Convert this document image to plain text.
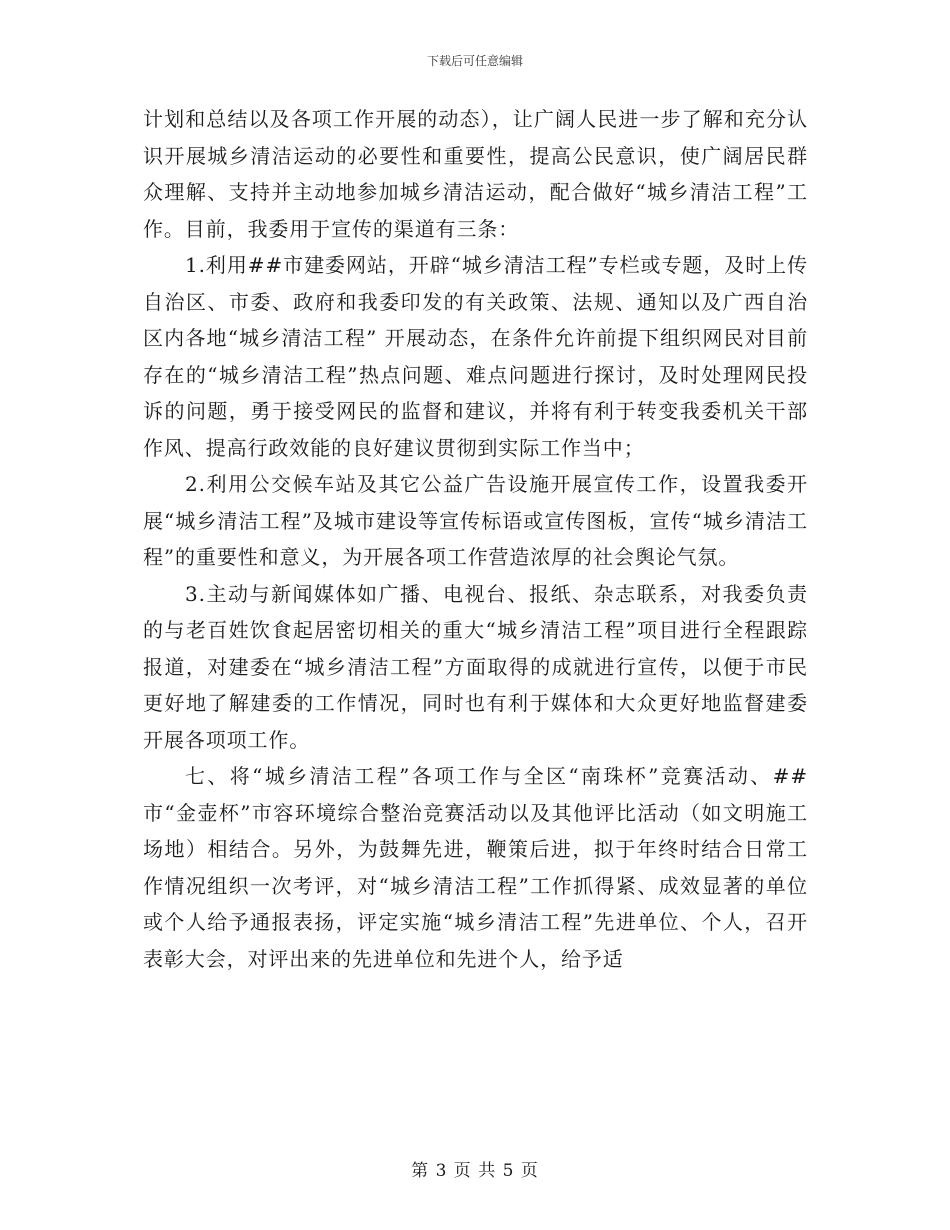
下载后可任意编辑

计划和总结以及各项工作开展的动态），让广阔人民进一步了解和充分认识开展城乡清洁运动的必要性和重要性，提高公民意识，使广阔居民群众理解、支持并主动地参加城乡清洁运动，配合做好“城乡清洁工程”工作。目前，我委用于宣传的渠道有三条：

1.利用##市建委网站，开辟“城乡清洁工程”专栏或专题，及时上传自治区、市委、政府和我委印发的有关政策、法规、通知以及广西自治区内各地“城乡清洁工程” 开展动态，在条件允许前提下组织网民对目前存在的“城乡清洁工程”热点问题、难点问题进行探讨，及时处理网民投诉的问题，勇于接受网民的监督和建议，并将有利于转变我委机关干部作风、提高行政效能的良好建议贯彻到实际工作当中；

2.利用公交候车站及其它公益广告设施开展宣传工作，设置我委开展“城乡清洁工程”及城市建设等宣传标语或宣传图板，宣传“城乡清洁工程”的重要性和意义，为开展各项工作营造浓厚的社会舆论气氛。

3.主动与新闻媒体如广播、电视台、报纸、杂志联系，对我委负责的与老百姓饮食起居密切相关的重大“城乡清洁工程”项目进行全程跟踪报道，对建委在“城乡清洁工程”方面取得的成就进行宣传，以便于市民更好地了解建委的工作情况，同时也有利于媒体和大众更好地监督建委开展各项项工作。

七、将“城乡清洁工程”各项工作与全区“南珠杯”竞赛活动、##市“金壶杯”市容环境综合整治竞赛活动以及其他评比活动（如文明施工场地）相结合。另外，为鼓舞先进，鞭策后进，拟于年终时结合日常工作情况组织一次考评，对“城乡清洁工程”工作抓得紧、成效显著的单位或个人给予通报表扬，评定实施“城乡清洁工程”先进单位、个人，召开表彰大会，对评出来的先进单位和先进个人，给予适

第 3 页 共 5 页
